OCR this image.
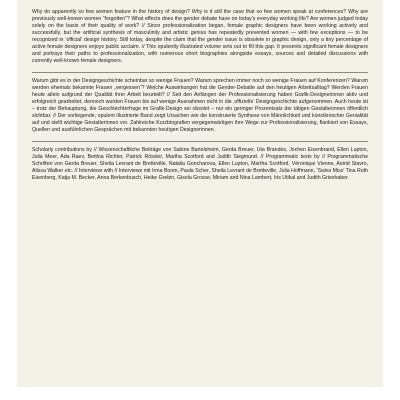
Why do apparently so few women feature in the history of design? Why is it still the case that so few women speak at conferences? Why are previously well-known women “forgotten”? What effects does the gender debate have on today’s everyday working life? Are women judged today solely on the basis of their quality of work? // Since professionalization began, female graphic designers have been working actively and successfully, but the artificial synthesis of masculinity and artistic genius has repeatedly prevented women — with few exceptions — to be recognized in ‘official’ design history. Still today, despite the claim that the gender issue is obsolete in graphic design, only a tiny percentage of active female designers enjoys public acclaim. // This opulently illustrated volume sets out to fill this gap. It presents significant female designers and portrays their paths to professionalization, with numerous short biographies alongside essays, sources and detailed discussions with currently well-known female designers.

Warum gibt es in der Designgeschichte scheinbar so wenige Frauen? Warum sprechen immer noch so wenige Frauen auf Konferenzen? Warum werden ehemals bekannte Frauen „vergessen“? Welche Auswirkungen hat die Gender-Debatte auf den heutigen Arbeitsalltag? Werden Frauen heute allein aufgrund der Qualität ihrer Arbeit beurteilt? // Seit den Anfängen der Professionalisierung haben Grafik-Designerinnen aktiv und erfolgreich gearbeitet, dennoch wurden Frauen bis auf wenige Ausnahmen nicht in die ‚offizielle‘ Designgeschichte aufgenommen. Auch heute ist – trotz der Behauptung, die Geschlechterfrage im Grafik-Design sei obsolet – nur ein geringer Prozentsatz der tätigen Gestalterinnen öffentlich sichtbar. // Der vorliegende, opulent illustrierte Band zeigt Ursachen wie die konstruierte Synthese von Männlichkeit und künstlerischer Genialität auf und stellt wichtige Gestalterinnen vor. Zahlreiche Kurzbiografien vergegenwärtigen ihre Wege zur Professionalisierung, flankiert von Essays, Quellen und ausführlichen Gesprächen mit bekannten heutigen Designerinnen.

Scholarly contributions by // Wissenschaftliche Beiträge von Sabine Bartelsheim, Gerda Breuer, Uta Brandes, Jochen Eisenbrand, Ellen Lupton, Julia Meer, Ada Raev, Bettina Richter, Patrick Rössler, Martha Scotford and Judith Siegmund. // Programmatic texts by // Programmatische Schriften von Gerda Breuer, Sheila Levrant de Bretteville, Natalia Goncharova, Ellen Lupton, Martha Scotford, Véronique Vienne, Astrid Stavro, Alissa Walker etc. // Interviews with // Interviews mit Irma Boom, Paula Scher, Sheila Levrant de Bretteville, Julia Hoffmann, ‘Swiss Miss’ Tina Roth Eisenberg, Katja M. Becker, Anna Berkenbusch, Heike Grebin, Gisela Grosse, Miriam and Nina Lambert, Iris Utikal and Judith Grieshaber.
